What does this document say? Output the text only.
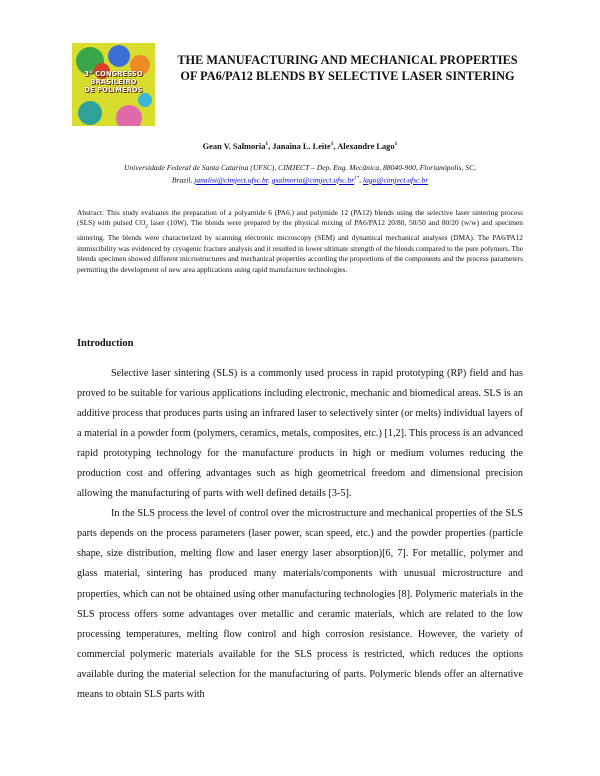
3° CONGRESSO
BRASILEIRO
DE POLÍMEROS
THE MANUFACTURING AND MECHANICAL PROPERTIES
OF PA6/PA12 BLENDS BY SELECTIVE LASER SINTERING
Gean V. Salmoria$^1$, Janaina L. Leite$^1$, Alexandre Lago$^1$
Universidade Federal de Santa Catarina (UFSC), CIMJECT – Dep. Eng. Mecânica, 88040-900, Florianópolis, SC,
Brazil, janalisi@cimject.ufsc.br, $gsalmoria@cimject.ufsc.br^{1*}$, lago@cimject.ufsc.br
Abstract: This study evaluates the preparation of a polyamide 6 (PA6.) and polymide 12 (PA12) blends using the selective laser sintering process (SLS) with pulsed $CO_2$ laser (10W). The blends were prepared by the physical mixing of PA6/PA12 20/80, 50/50 and 80/20 (w/w) and specimen sintering. The blends were characterized by scanning electronic microscopy (SEM) and dynamical mechanical analyses (DMA). The PA6/PA12 immiscibility was evidenced by cryogenic fracture analysis and it resulted in lower ultimate strength of the blends compared to the pure polymers. The blends specimen showed different microstructures and mechanical properties according the proportions of the components and the process parameters permitting the development of new area applications using rapid manufacture technologies.
Introduction

Selective laser sintering (SLS) is a commonly used process in rapid prototyping (RP) field and has proved to be suitable for various applications including electronic, mechanic and biomedical areas. SLS is an additive process that produces parts using an infrared laser to selectively sinter (or melts) individual layers of a material in a powder form (polymers, ceramics, metals, composites, etc.) [1,2]. This process is an advanced rapid prototyping technology for the manufacture products in high or medium volumes reducing the production cost and offering advantages such as high geometrical freedom and dimensional precision allowing the manufacturing of parts with well defined details [3-5].

In the SLS process the level of control over the microstructure and mechanical properties of the SLS parts depends on the process parameters (laser power, scan speed, etc.) and the powder properties (particle shape, size distribution, melting flow and laser energy laser absorption)[6, 7]. For metallic, polymer and glass material, sintering has produced many materials/components with unusual microstructure and properties, which can not be obtained using other manufacturing technologies [8]. Polymeric materials in the SLS process offers some advantages over metallic and ceramic materials, which are related to the low processing temperatures, melting flow control and high corrosion resistance. However, the variety of commercial polymeric materials available for the SLS process is restricted, which reduces the options available during the material selection for the manufacturing of parts. Polymeric blends offer an alternative means to obtain SLS parts with
